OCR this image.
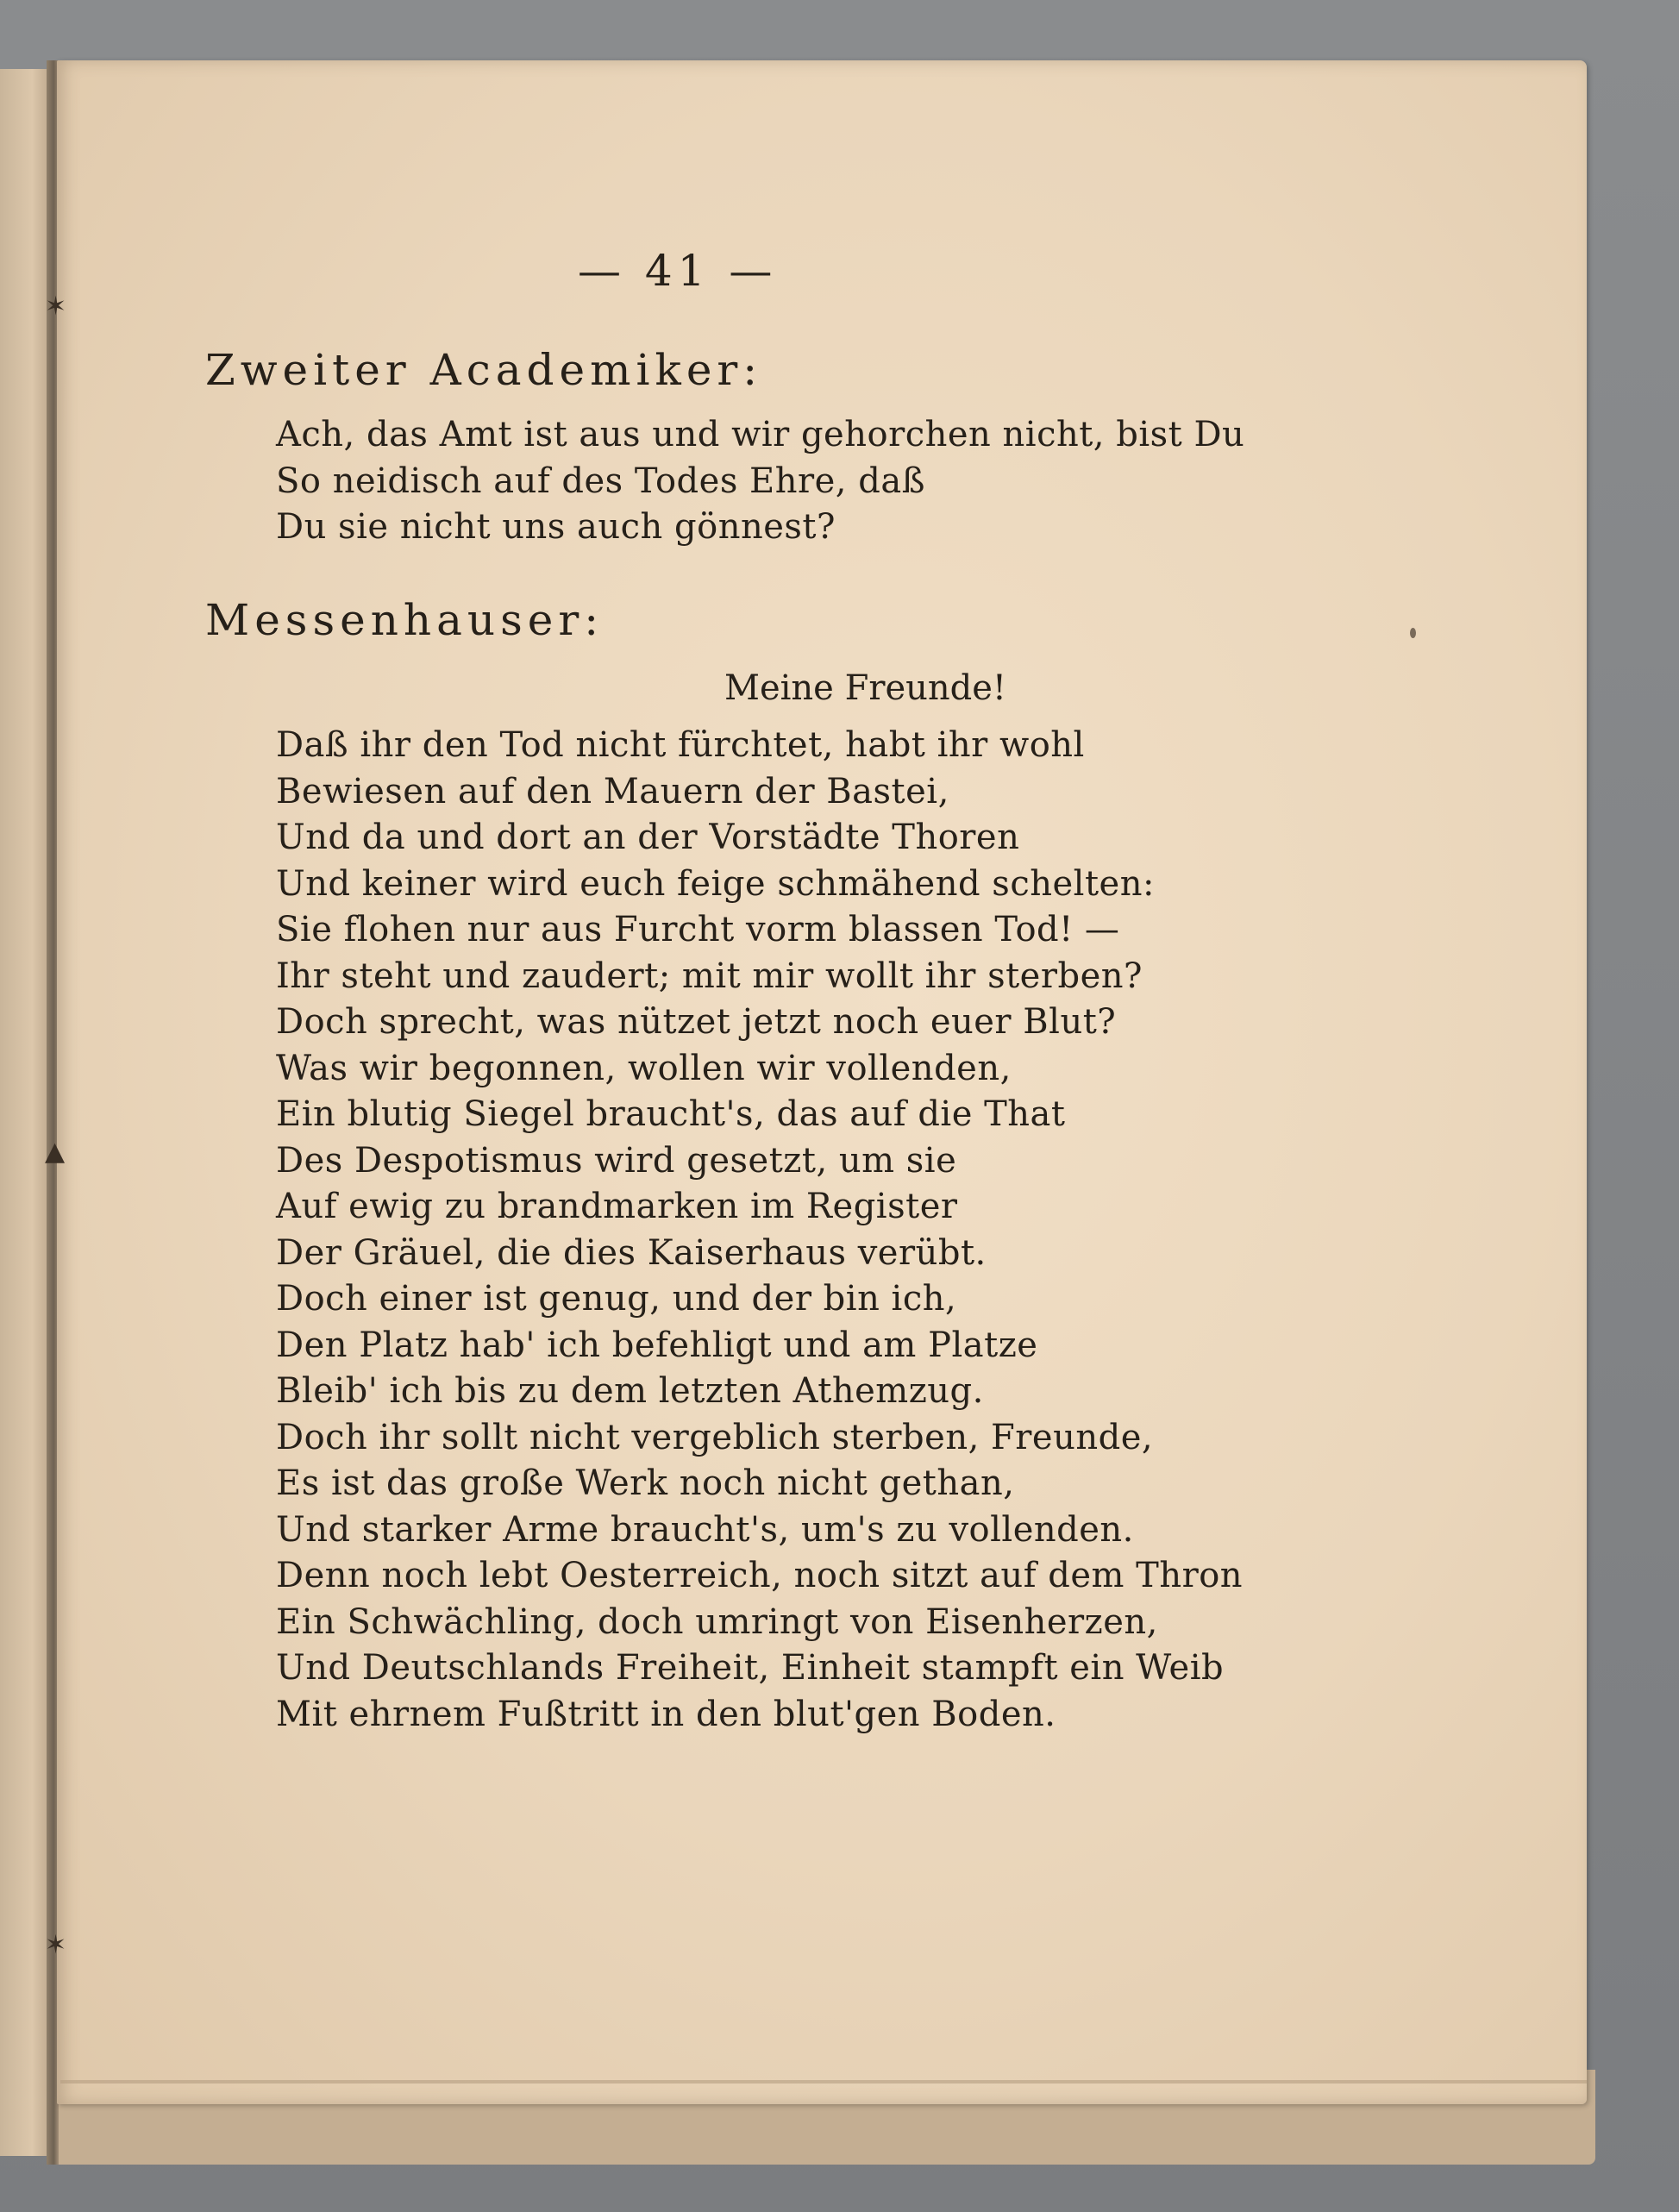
✶
▲
✶
— 41 —
Zweiter Academiker:
Ach, das Amt ist aus und wir gehorchen nicht, bist Du
So neidisch auf des Todes Ehre, daß
Du sie nicht uns auch gönnest?
Messenhauser:
Meine Freunde!
Daß ihr den Tod nicht fürchtet, habt ihr wohl
Bewiesen auf den Mauern der Bastei,
Und da und dort an der Vorstädte Thoren
Und keiner wird euch feige schmähend schelten:
Sie flohen nur aus Furcht vorm blassen Tod! —
Ihr steht und zaudert; mit mir wollt ihr sterben?
Doch sprecht, was nützet jetzt noch euer Blut?
Was wir begonnen, wollen wir vollenden,
Ein blutig Siegel braucht's, das auf die That
Des Despotismus wird gesetzt, um sie
Auf ewig zu brandmarken im Register
Der Gräuel, die dies Kaiserhaus verübt.
Doch einer ist genug, und der bin ich,
Den Platz hab' ich befehligt und am Platze
Bleib' ich bis zu dem letzten Athemzug.
Doch ihr sollt nicht vergeblich sterben, Freunde,
Es ist das große Werk noch nicht gethan,
Und starker Arme braucht's, um's zu vollenden.
Denn noch lebt Oesterreich, noch sitzt auf dem Thron
Ein Schwächling, doch umringt von Eisenherzen,
Und Deutschlands Freiheit, Einheit stampft ein Weib
Mit ehrnem Fußtritt in den blut'gen Boden.
